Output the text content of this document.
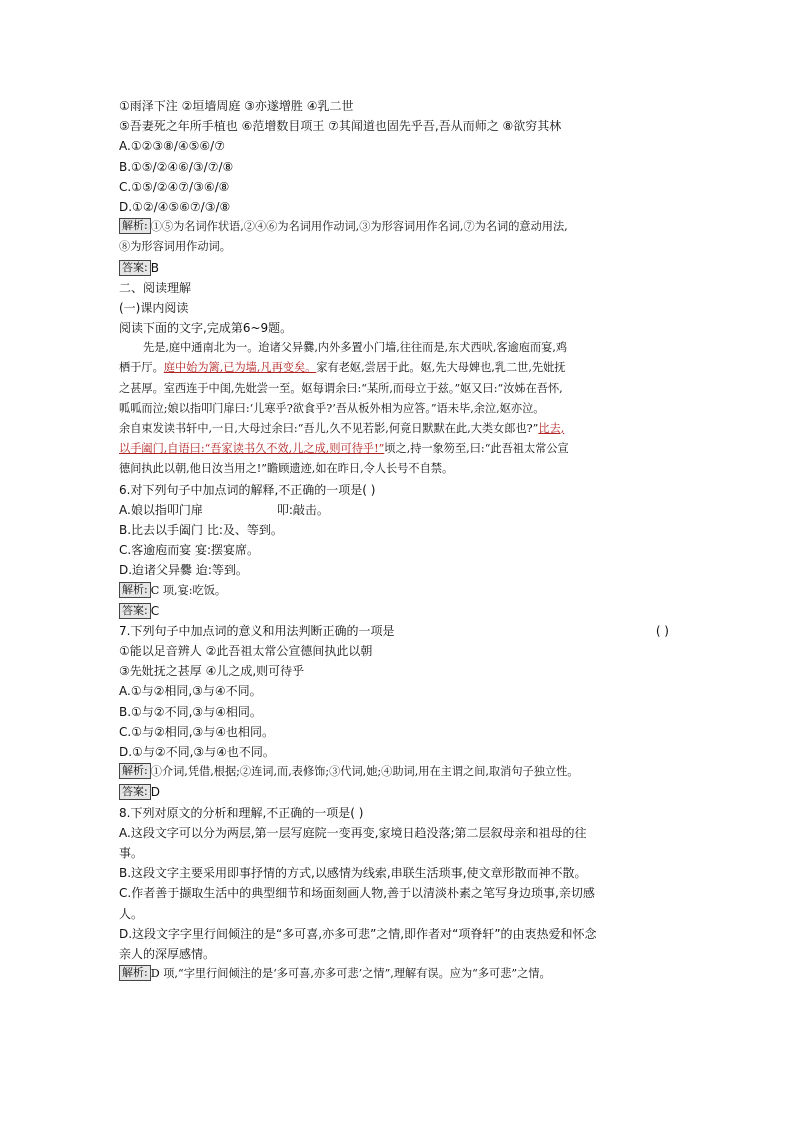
①雨泽下注 ②垣墙周庭 ③亦遂增胜 ④乳二世
⑤吾妻死之年所手植也 ⑥范增数目项王 ⑦其闻道也固先乎吾,吾从而师之 ⑧欲穷其林
A.①②③⑧/④⑤⑥/⑦
B.①⑤/②④⑥/③/⑦/⑧
C.①⑤/②④⑦/③⑥/⑧
D.①②/④⑤⑥⑦/③/⑧
解析: ①⑤为名词作状语,②④⑥为名词用作动词,③为形容词用作名词,⑦为名词的意动用法,
⑧为形容词用作动词。
答案: B
二、阅读理解
(一)课内阅读
阅读下面的文字,完成第6~9题。
先是,庭中通南北为一。迨诸父异爨,内外多置小门墙,往往而是,东犬西吠,客逾庖而宴,鸡
栖于厅。庭中始为篱,已为墙,凡再变矣。家有老妪,尝居于此。妪,先大母婢也,乳二世,先妣抚
之甚厚。室西连于中闺,先妣尝一至。妪每谓余曰:“某所,而母立于兹。”妪又曰:“汝姊在吾怀,
呱呱而泣;娘以指叩门扉曰:‘儿寒乎?欲食乎?’吾从板外相为应答。”语未毕,余泣,妪亦泣。
余自束发读书轩中,一日,大母过余曰:“吾儿,久不见若影,何竟日默默在此,大类女郎也?”比去,
以手阖门,自语曰:“吾家读书久不效,儿之成,则可待乎!”顷之,持一象笏至,曰:“此吾祖太常公宣
德间执此以朝,他日汝当用之!”瞻顾遗迹,如在昨日,令人长号不自禁。
6.对下列句子中加点词的解释,不正确的一项是( )
A.娘以指叩门扉	叩:敲击。
B.比去以手阖门 比:及、等到。
C.客逾庖而宴 宴:摆宴席。
D.迨诸父异爨 迨:等到。
解析: C 项,宴:吃饭。
答案: C
7.下列句子中加点词的意义和用法判断正确的一项是	( )
①能以足音辨人 ②此吾祖太常公宣德间执此以朝
③先妣抚之甚厚 ④儿之成,则可待乎
A.①与②相同,③与④不同。
B.①与②不同,③与④相同。
C.①与②相同,③与④也相同。
D.①与②不同,③与④也不同。
解析: ①介词,凭借,根据;②连词,而,表修饰;③代词,她;④助词,用在主谓之间,取消句子独立性。
答案: D
8.下列对原文的分析和理解,不正确的一项是( )
A.这段文字可以分为两层,第一层写庭院一变再变,家境日趋没落;第二层叙母亲和祖母的往
事。
B.这段文字主要采用即事抒情的方式,以感情为线索,串联生活琐事,使文章形散而神不散。
C.作者善于撷取生活中的典型细节和场面刻画人物,善于以清淡朴素之笔写身边琐事,亲切感
人。
D.这段文字字里行间倾注的是“多可喜,亦多可悲”之情,即作者对“项脊轩”的由衷热爱和怀念
亲人的深厚感情。
解析: D 项,“字里行间倾注的是‘多可喜,亦多可悲’之情”,理解有误。应为“多可悲”之情。
